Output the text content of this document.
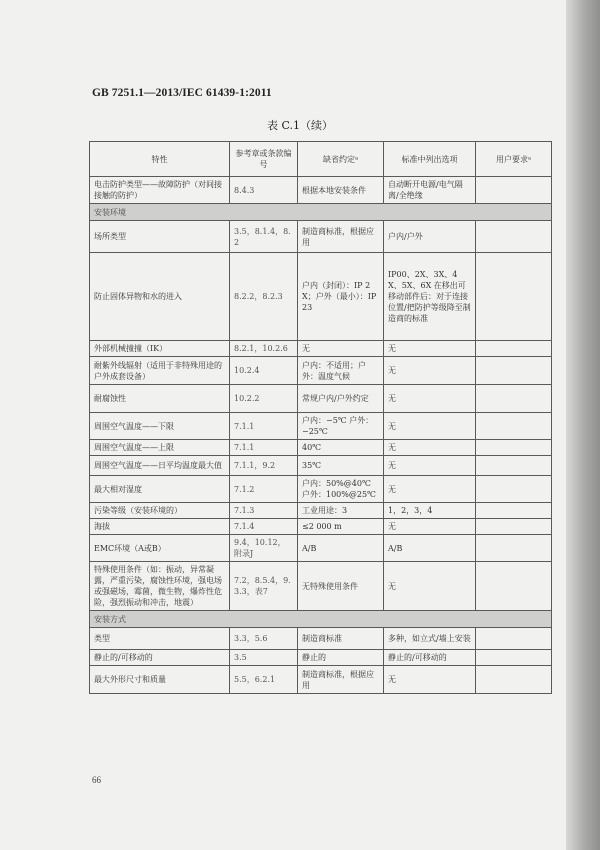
GB 7251.1—2013/IEC 61439-1:2011
表 C.1（续）
特性	参考章或条款编号	缺省约定ᵃ	标准中列出选项	用户要求ᵃ
电击防护类型——故障防护（对间接接触的防护）	8.4.3	根据本地安装条件	自动断开电源/电气隔离/全绝缘	
安装环境				
场所类型	3.5，8.1.4，8.2	制造商标准，根据应用	户内/户外	
防止固体异物和水的进入	8.2.2，8.2.3	户内（封闭）：IP 2X；户外（最小）：IP 23	IP00、2X、3X、4X、5X、6X 在移出可移动部件后：对于连接位置/把防护等级降至制造商的标准	
外部机械撞撞（IK）	8.2.1，10.2.6	无	无	
耐紫外线辐射（适用于非特殊用途的户外成套设备）	10.2.4	户内：不适用；户外：温度气候	无	
耐腐蚀性	10.2.2	常规户内/户外约定	无	
周围空气温度——下限	7.1.1	户内：−5℃ 户外：−25℃	无	
周围空气温度——上限	7.1.1	40℃	无	
周围空气温度——日平均温度最大值	7.1.1，9.2	35℃	无	
最大相对湿度	7.1.2	户内：50%@40℃ 户外：100%@25℃	无	
污染等级（安装环境的）	7.1.3	工业用途：3	1，2，3，4	
海拔	7.1.4	≤2 000 m	无	
EMC环境（A或B）	9.4，10.12，附录J	A/B	A/B	
特殊使用条件（如：振动，异常凝露，严重污染，腐蚀性环境，强电场或强磁场，霉菌，微生物，爆炸性危险，强烈振动和冲击，地震）	7.2，8.5.4，9.3.3，表7	无特殊使用条件	无	
安装方式				
类型	3.3，5.6	制造商标准	多种，如立式/墙上安装	
静止的/可移动的	3.5	静止的	静止的/可移动的	
最大外形尺寸和质量	5.5，6.2.1	制造商标准，根据应用	无	
66
